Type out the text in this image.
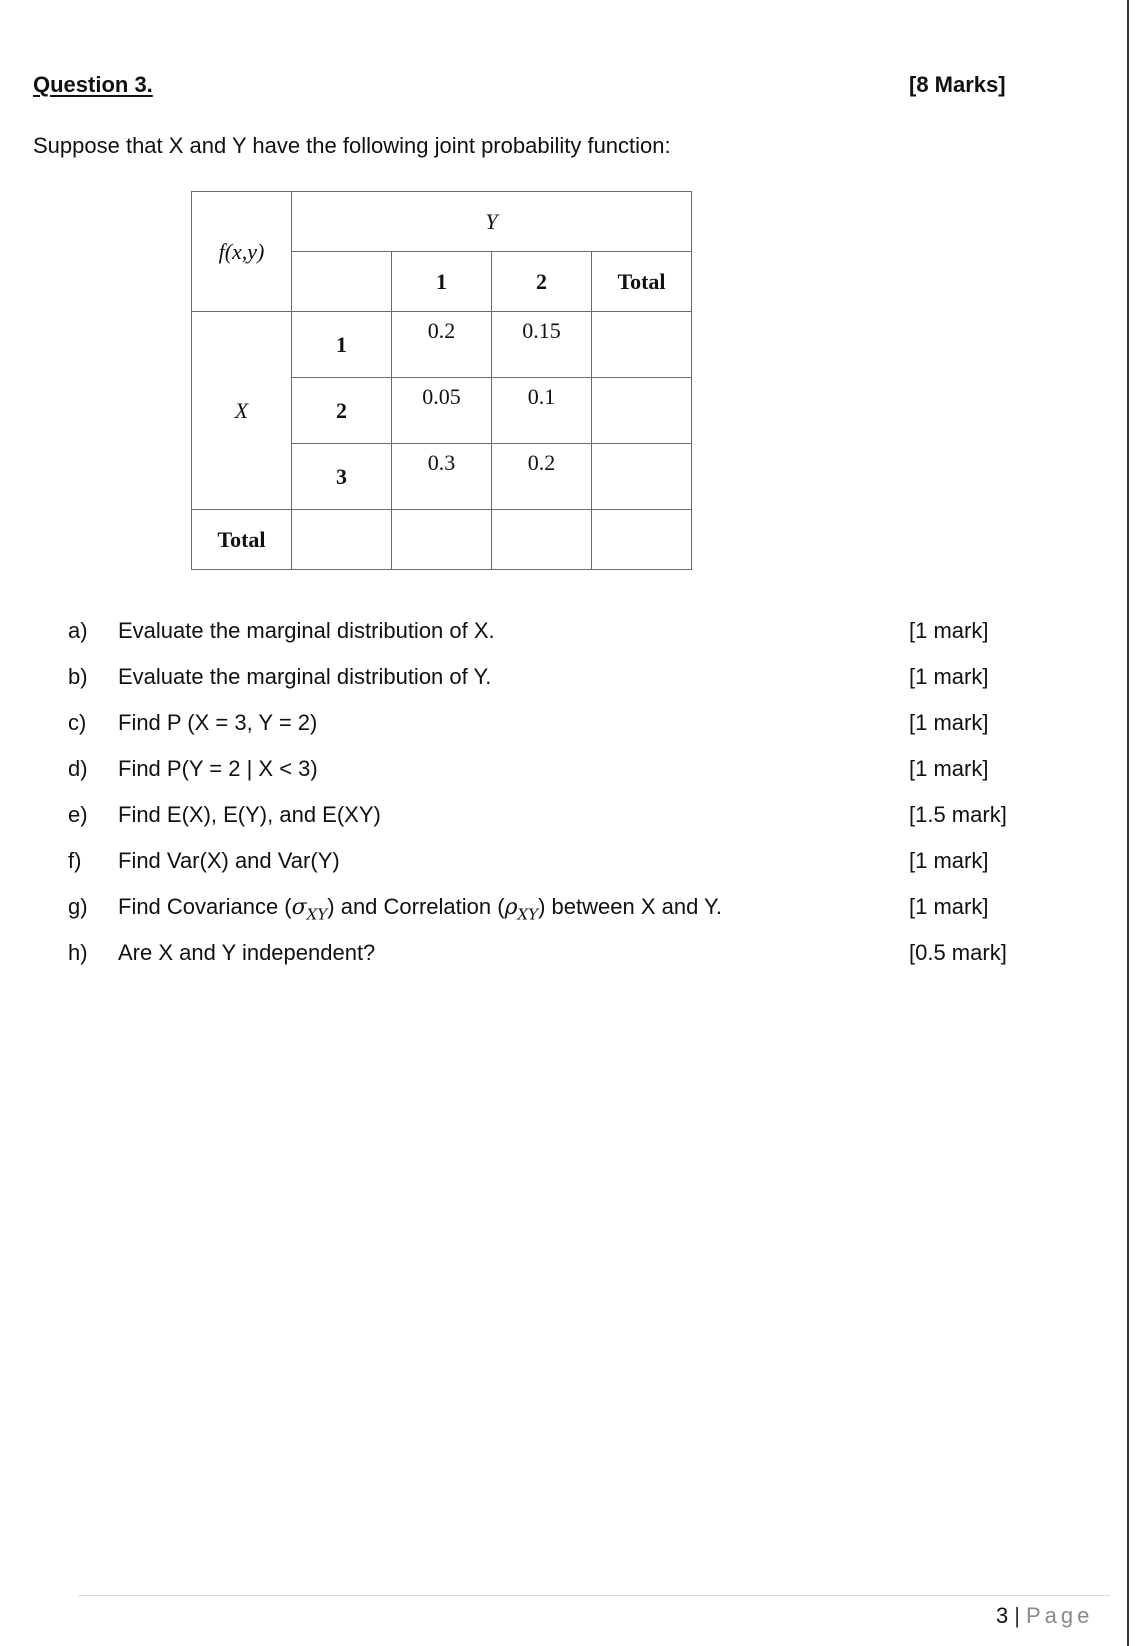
Question 3.	[8 Marks]
Suppose that X and Y have the following joint probability function:
f(x,y)	Y			
		1	2	Total
X	1	0.2	0.15	
	2	0.05	0.1	
	3	0.3	0.2	
Total				
a) Evaluate the marginal distribution of X.	[1 mark]
b) Evaluate the marginal distribution of Y.	[1 mark]
c) Find P (X = 3, Y = 2)	[1 mark]
d) Find P(Y = 2 | X < 3)	[1 mark]
e) Find E(X), E(Y), and E(XY)	[1.5 mark]
f) Find Var(X) and Var(Y)	[1 mark]
g) Find Covariance $(\sigma_{XY})$ and Correlation $(\rho_{XY})$ between X and Y.	[1 mark]
h) Are X and Y independent?	[0.5 mark]
3 | Page
